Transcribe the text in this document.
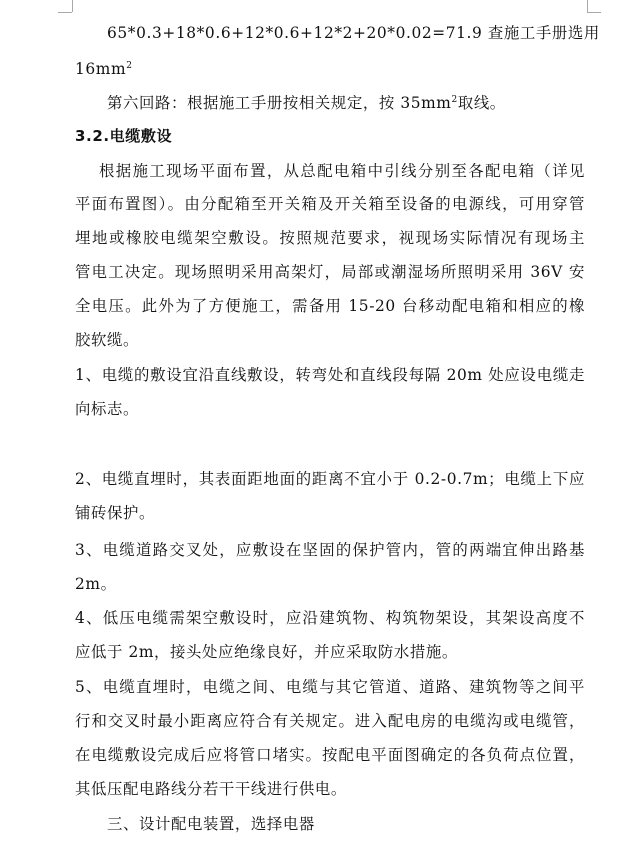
65*0.3+18*0.6+12*0.6+12*2+20*0.02=71.9 查施工手册选用
$16mm^2$
第六回路：根据施工手册按相关规定，按 $35mm^2$取线。
3.2.电缆敷设
根据施工现场平面布置，从总配电箱中引线分别至各配电箱（详见
平面布置图）。由分配箱至开关箱及开关箱至设备的电源线，可用穿管
埋地或橡胶电缆架空敷设。按照规范要求，视现场实际情况有现场主
管电工决定。现场照明采用高架灯，局部或潮湿场所照明采用 36V 安
全电压。此外为了方便施工，需备用 15-20 台移动配电箱和相应的橡
胶软缆。
1、电缆的敷设宜沿直线敷设，转弯处和直线段每隔 20m 处应设电缆走
向标志。
2、电缆直埋时，其表面距地面的距离不宜小于 0.2-0.7m；电缆上下应
铺砖保护。
3、电缆道路交叉处，应敷设在坚固的保护管内，管的两端宜伸出路基
2m。
4、低压电缆需架空敷设时，应沿建筑物、构筑物架设，其架设高度不
应低于 2m，接头处应绝缘良好，并应采取防水措施。
5、电缆直埋时，电缆之间、电缆与其它管道、道路、建筑物等之间平
行和交叉时最小距离应符合有关规定。进入配电房的电缆沟或电缆管，
在电缆敷设完成后应将管口堵实。按配电平面图确定的各负荷点位置，
其低压配电路线分若干干线进行供电。
三、设计配电装置，选择电器
